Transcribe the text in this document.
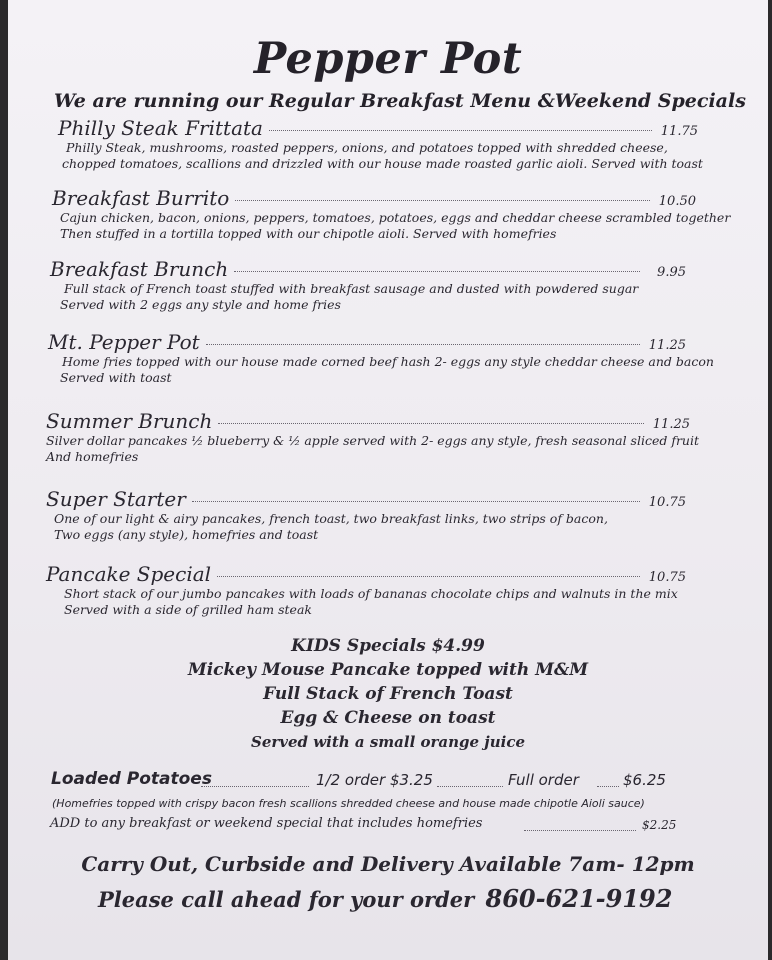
Pepper Pot
We are running our Regular Breakfast Menu &Weekend Specials
Philly Steak Frittata	11.75
Philly Steak, mushrooms, roasted peppers, onions, and potatoes topped with shredded cheese,
chopped tomatoes, scallions and drizzled with our house made roasted garlic aioli. Served with toast
Breakfast Burrito	10.50
Cajun chicken, bacon, onions, peppers, tomatoes, potatoes, eggs and cheddar cheese scrambled together
Then stuffed in a tortilla topped with our chipotle aioli. Served with homefries
Breakfast Brunch	9.95
Full stack of French toast stuffed with breakfast sausage and dusted with powdered sugar
Served with 2 eggs any style and home fries
Mt. Pepper Pot	11.25
Home fries topped with our house made corned beef hash 2- eggs any style cheddar cheese and bacon
Served with toast
Summer Brunch	11.25
Silver dollar pancakes ½ blueberry & ½ apple served with 2- eggs any style, fresh seasonal sliced fruit
And homefries
Super Starter	10.75
One of our light & airy pancakes, french toast, two breakfast links, two strips of bacon,
Two eggs (any style), homefries and toast
Pancake Special	10.75
Short stack of our jumbo pancakes with loads of bananas chocolate chips and walnuts in the mix
Served with a side of grilled ham steak
KIDS Specials $4.99
Mickey Mouse Pancake topped with M&M
Full Stack of French Toast
Egg & Cheese on toast
Served with a small orange juice
Loaded Potatoes	1/2 order $3.25	Full order	$6.25
(Homefries topped with crispy bacon fresh scallions shredded cheese and house made chipotle Aioli sauce)
ADD to any breakfast or weekend special that includes homefries	$2.25
Carry Out, Curbside and Delivery Available 7am- 12pm
Please call ahead for your order 860-621-9192
